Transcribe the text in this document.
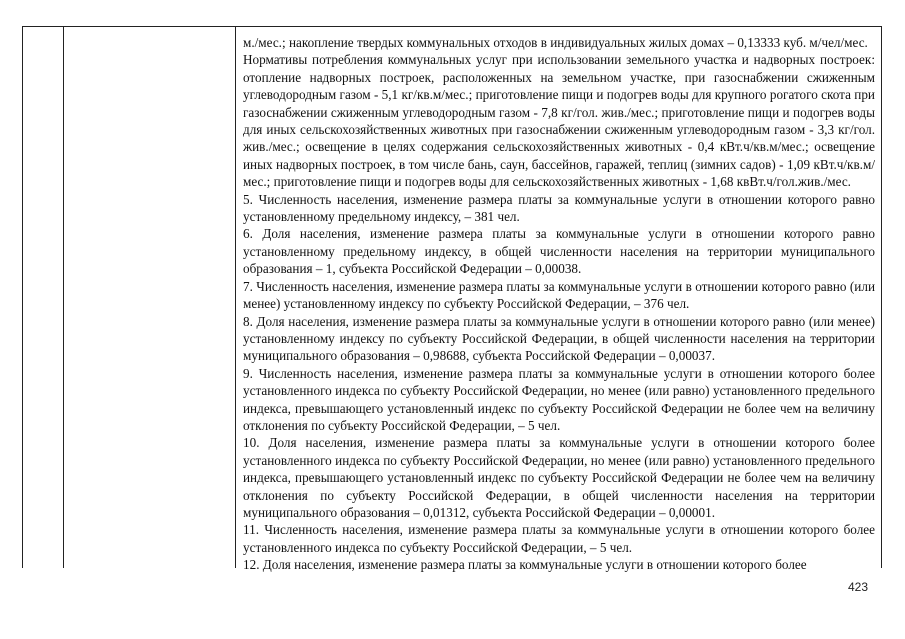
м./мес.; накопление твердых коммунальных отходов в индивидуальных жилых домах – 0,13333 куб. м/чел/мес.

Нормативы потребления коммунальных услуг при использовании земельного участка и надворных построек: отопление надворных построек, расположенных на земельном участке, при газоснабжении сжиженным углеводородным газом - 5,1 кг/кв.м/мес.; приготовление пищи и подогрев воды для крупного рогатого скота при газоснабжении сжиженным углеводородным газом - 7,8 кг/гол. жив./мес.; приготовление пищи и подогрев воды для иных сельскохозяйственных животных при газоснабжении сжиженным углеводородным газом - 3,3 кг/гол. жив./мес.; освещение в целях содержания сельскохозяйственных животных - 0,4 кВт.ч/кв.м/мес.; освещение иных надворных построек, в том числе бань, саун, бассейнов, гаражей, теплиц (зимних садов) - 1,09 кВт.ч/кв.м/мес.; приготовление пищи и подогрев воды для сельскохозяйственных животных - 1,68 квВт.ч/гол.жив./мес.

5. Численность населения, изменение размера платы за коммунальные услуги в отношении которого равно установленному предельному индексу, – 381 чел.

6. Доля населения, изменение размера платы за коммунальные услуги в отношении которого равно установленному предельному индексу, в общей численности населения на территории муниципального образования – 1, субъекта Российской Федерации – 0,00038.

7. Численность населения, изменение размера платы за коммунальные услуги в отношении которого равно (или менее) установленному индексу по субъекту Российской Федерации, – 376 чел.

8. Доля населения, изменение размера платы за коммунальные услуги в отношении которого равно (или менее) установленному индексу по субъекту Российской Федерации, в общей численности населения на территории муниципального образования – 0,98688, субъекта Российской Федерации – 0,00037.

9. Численность населения, изменение размера платы за коммунальные услуги в отношении которого более установленного индекса по субъекту Российской Федерации, но менее (или равно) установленного предельного индекса, превышающего установленный индекс по субъекту Российской Федерации не более чем на величину отклонения по субъекту Российской Федерации, – 5 чел.

10. Доля населения, изменение размера платы за коммунальные услуги в отношении которого более установленного индекса по субъекту Российской Федерации, но менее (или равно) установленного предельного индекса, превышающего установленный индекс по субъекту Российской Федерации не более чем на величину отклонения по субъекту Российской Федерации, в общей численности населения на территории муниципального образования – 0,01312, субъекта Российской Федерации – 0,00001.

11. Численность населения, изменение размера платы за коммунальные услуги в отношении которого более установленного индекса по субъекту Российской Федерации, – 5 чел.

12. Доля населения, изменение размера платы за коммунальные услуги в отношении которого более

423
